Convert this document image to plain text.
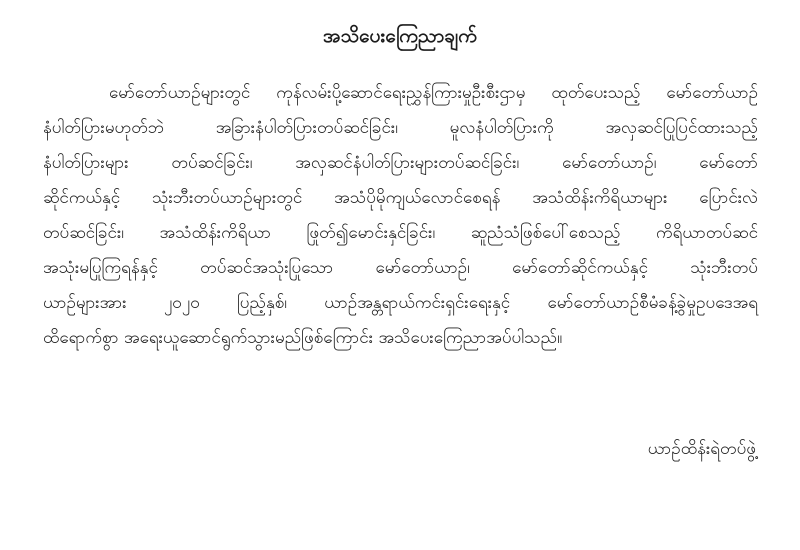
အသိပေးကြေညာချက်
မော်တော်ယာဉ်များတွင် ကုန်လမ်းပို့ဆောင်ရေးညွှန်ကြားမှုဦးစီးဌာမှ ထုတ်ပေးသည့် မော်တော်ယာဉ်
နံပါတ်ပြားမဟုတ်ဘဲ အခြားနံပါတ်ပြားတပ်ဆင်ခြင်း၊ မူလနံပါတ်ပြားကို အလှဆင်ပြုပြင်ထားသည့်
နံပါတ်ပြားများ တပ်ဆင်ခြင်း၊ အလှဆင်နံပါတ်ပြားများတပ်ဆင်ခြင်း၊ မော်တော်ယာဉ်၊ မော်တော်
ဆိုင်ကယ်နှင့် သုံးဘီးတပ်ယာဉ်များတွင် အသံပိုမိုကျယ်လောင်စေရန် အသံထိန်းကိရိယာများ ပြောင်းလဲ
တပ်ဆင်ခြင်း၊ အသံထိန်းကိရိယာ ဖြုတ်၍မောင်းနှင်ခြင်း၊ ဆူညံသံဖြစ်ပေါ်စေသည့် ကိရိယာတပ်ဆင်
အသုံးမပြုကြရန်နှင့် တပ်ဆင်အသုံးပြုသော မော်တော်ယာဉ်၊ မော်တော်ဆိုင်ကယ်နှင့် သုံးဘီးတပ်
ယာဉ်များအား ၂၀၂၀ ပြည့်နှစ်၊ ယာဉ်အန္တရာယ်ကင်းရှင်းရေးနှင့် မော်တော်ယာဉ်စီမံခန့်ခွဲမှုဥပဒေအရ
ထိရောက်စွာ အရေးယူဆောင်ရွက်သွားမည်ဖြစ်ကြောင်း အသိပေးကြေညာအပ်ပါသည်။
ယာဉ်ထိန်းရဲတပ်ဖွဲ့
